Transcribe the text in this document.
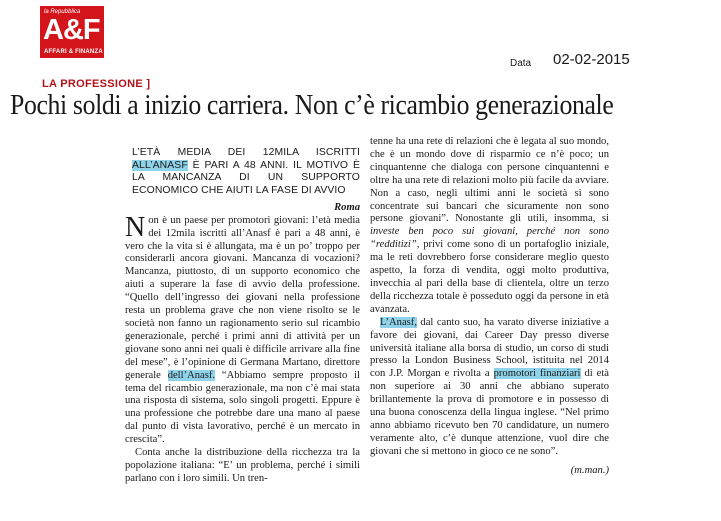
la Repubblica
A&F
AFFARI & FINANZA
Data 02-02-2015
LA PROFESSIONE ]
Pochi soldi a inizio carriera. Non c’è ricambio generazionale
L’ETÀ MEDIA DEI 12MILA ISCRITTI ALL’ANASF È PARI A 48 ANNI. IL MOTIVO È LA MANCANZA DI UN SUPPORTO ECONOMICO CHE AIUTI LA FASE DI AVVIO
Roma

Non è un paese per promotori giovani: l’età media dei 12mila iscritti all’Anasf è pari a 48 anni, è vero che la vita si è allungata, ma è un po’ troppo per considerarli ancora giovani. Mancanza di vocazioni? Mancanza, piuttosto, di un supporto economico che aiuti a superare la fase di avvio della professione. “Quello dell’ingresso dei giovani nella professione resta un problema grave che non viene risolto se le società non fanno un ragionamento serio sul ricambio generazionale, perché i primi anni di attività per un giovane sono anni nei quali è difficile arrivare alla fine del mese”, è l’opinione di Germana Martano, direttore generale dell’Anasf. “Abbiamo sempre proposto il tema del ricambio generazionale, ma non c’è mai stata una risposta di sistema, solo singoli progetti. Eppure è una professione che potrebbe dare una mano al paese dal punto di vista lavorativo, perché è un mercato in crescita”.

Conta anche la distribuzione della ricchezza tra la popolazione italiana: “E’ un problema, perché i simili parlano con i loro simili. Un tren-

tenne ha una rete di relazioni che è legata al suo mondo, che è un mondo dove di risparmio ce n’è poco; un cinquantenne che dialoga con persone cinquantenni e oltre ha una rete di relazioni molto più facile da avviare. Non a caso, negli ultimi anni le società si sono concentrate sui bancari che sicuramente non sono persone giovani”. Nonostante gli utili, insomma, si investe ben poco sui giovani, perché non sono “redditizi”, privi come sono di un portafoglio iniziale, ma le reti dovrebbero forse considerare meglio questo aspetto, la forza di vendita, oggi molto produttiva, invecchia al pari della base di clientela, oltre un terzo della ricchezza totale è posseduto oggi da persone in età avanzata.

L’Anasf, dal canto suo, ha varato diverse iniziative a favore dei giovani, dai Career Day presso diverse università italiane alla borsa di studio, un corso di studi presso la London Business School, istituita nel 2014 con J.P. Morgan e rivolta a promotori finanziari di età non superiore ai 30 anni che abbiano superato brillantemente la prova di promotore e in possesso di una buona conoscenza della lingua inglese. “Nel primo anno abbiamo ricevuto ben 70 candidature, un numero veramente alto, c’è dunque attenzione, vuol dire che giovani che si mettono in gioco ce ne sono”.

(m.man.)
